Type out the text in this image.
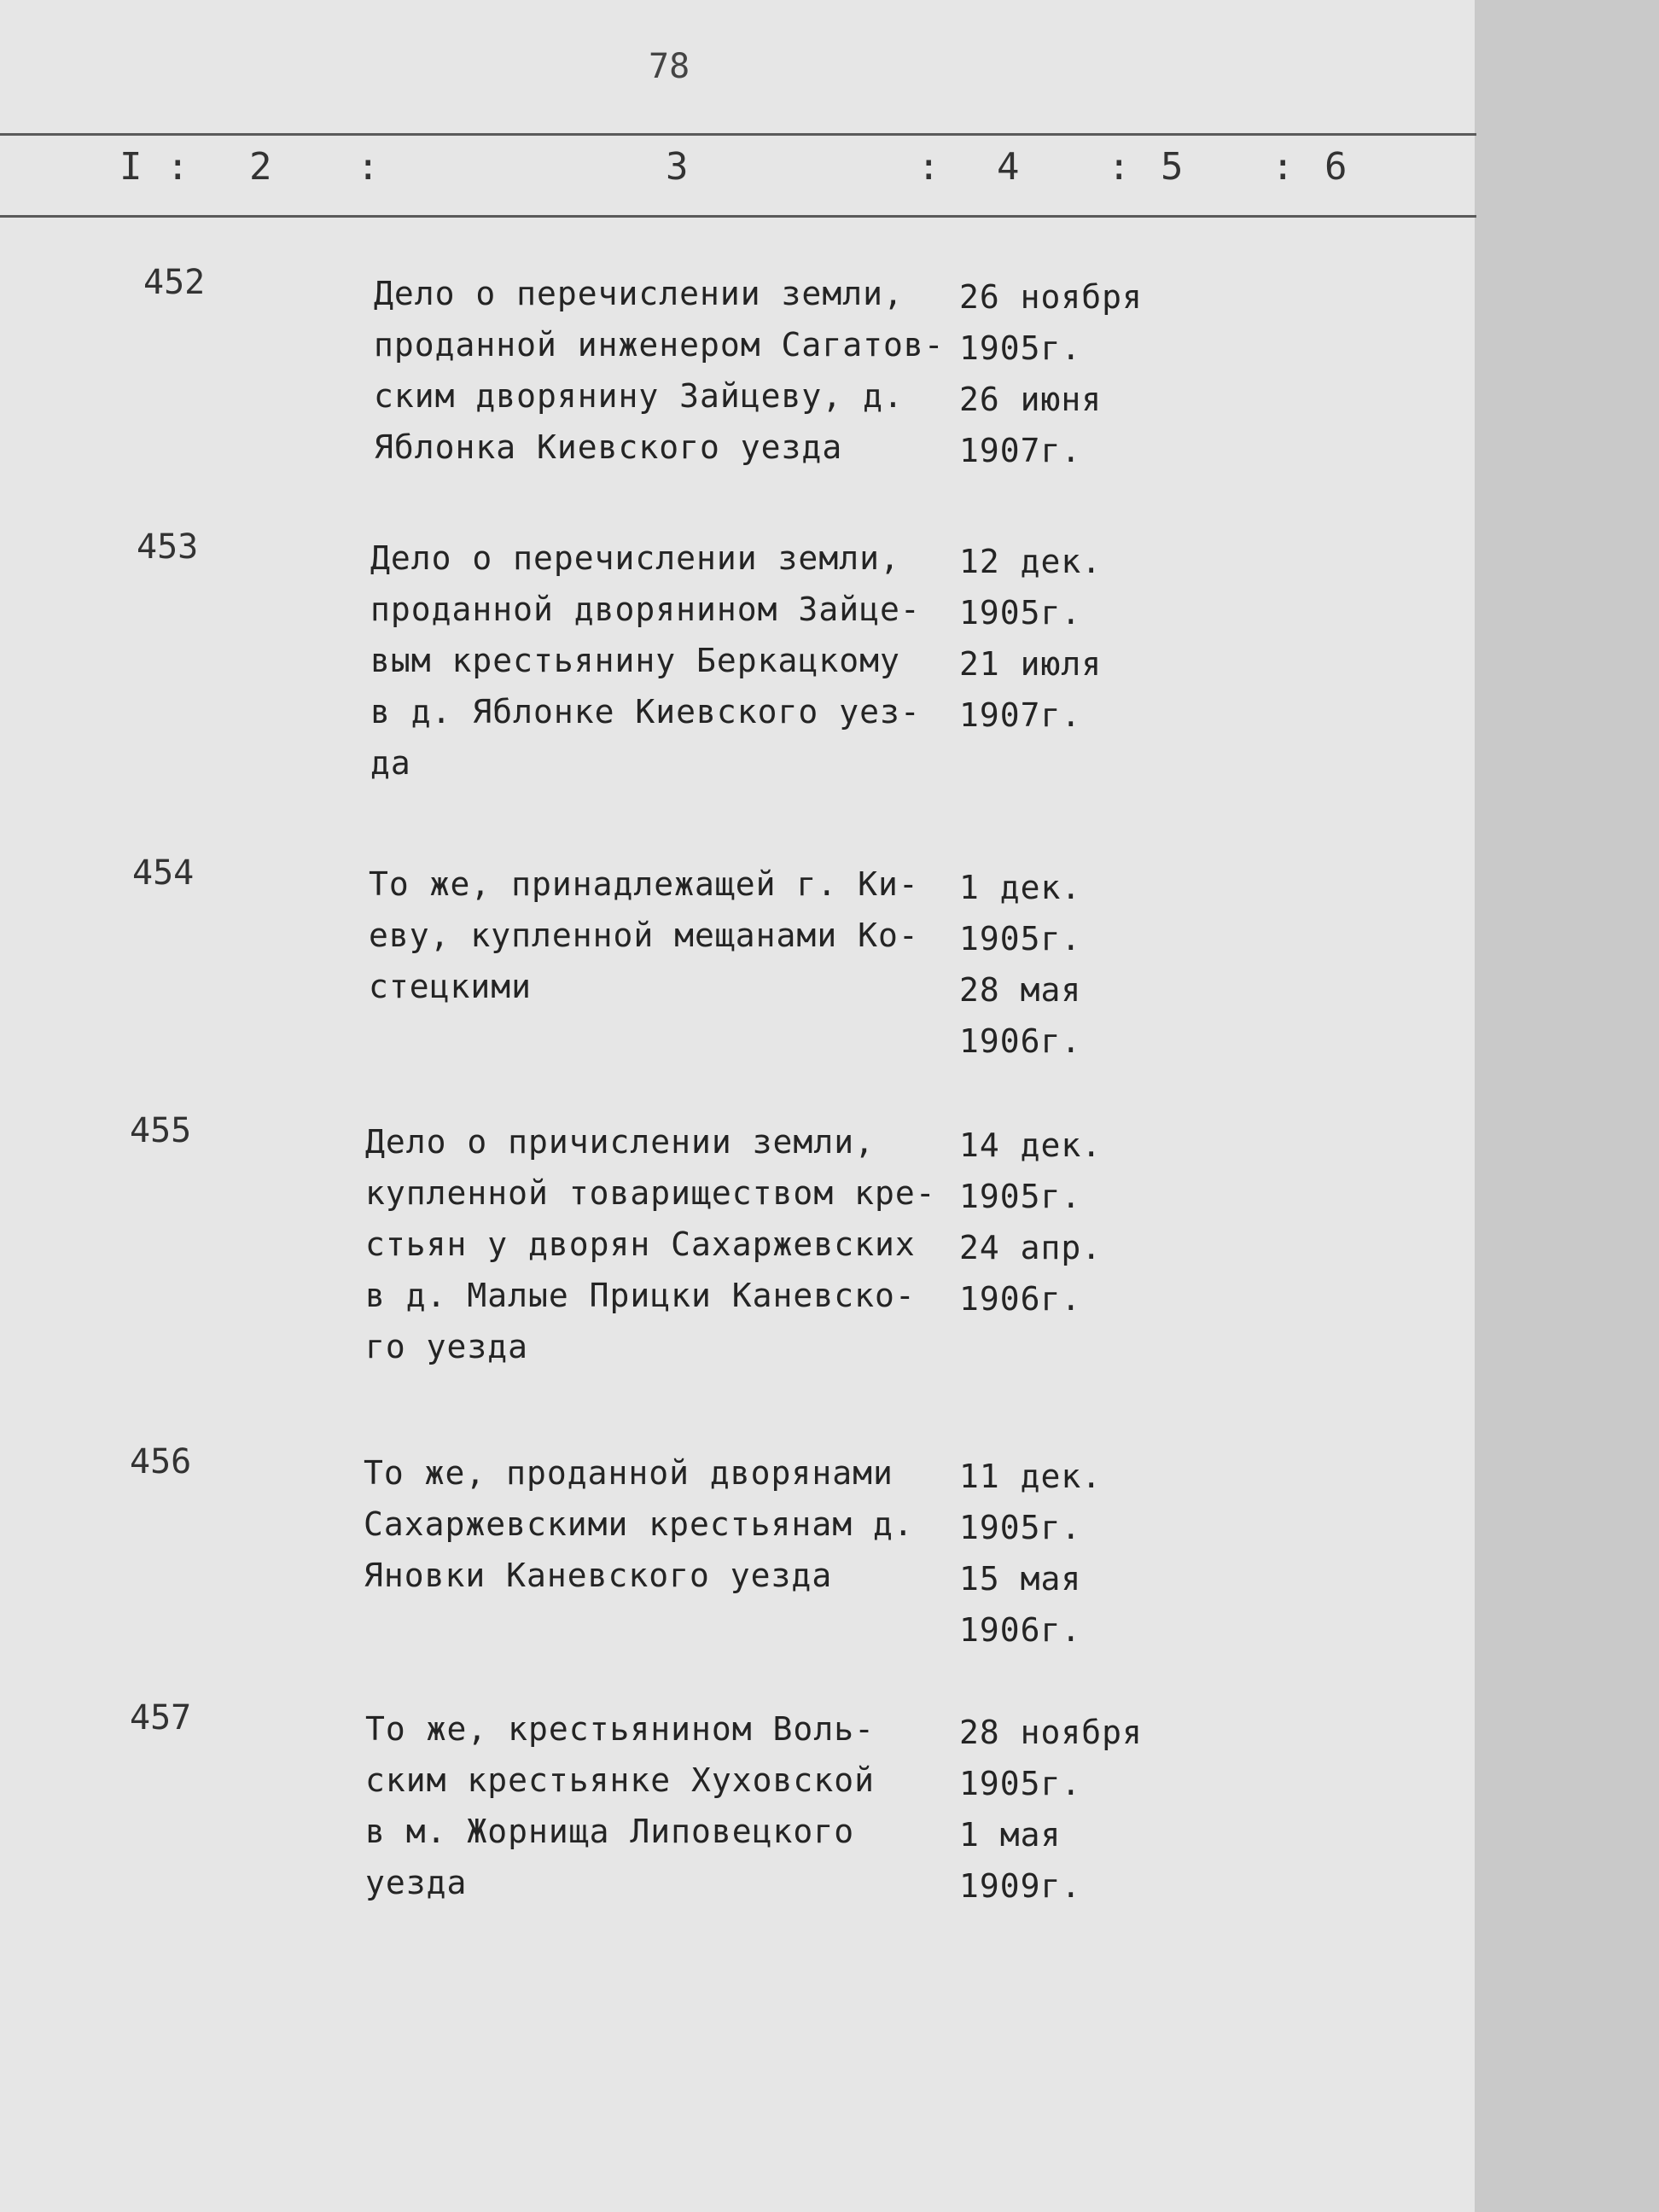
78
I : 2 :	3	: 4 : 5 : 6
452	Дело о перечислении земли,
проданной инженером Сагатов-
ским дворянину Зайцеву, д.
Яблонка Киевского уезда
26 ноября
1905г.
26 июня
1907г.
453	Дело о перечислении земли,
проданной дворянином Зайце-
вым крестьянину Беркацкому
в д. Яблонке Киевского уез-
да
12 дек.
1905г.
21 июля
1907г.
454	То же, принадлежащей г. Ки-
еву, купленной мещанами Ко-
стецкими
1 дек.
1905г.
28 мая
1906г.
455	Дело о причислении земли,
купленной товариществом кре-
стьян у дворян Сахаржевских
в д. Малые Прицки Каневско-
го уезда
14 дек.
1905г.
24 апр.
1906г.
456	То же, проданной дворянами
Сахаржевскими крестьянам д.
Яновки Каневского уезда
11 дек.
1905г.
15 мая
1906г.
457	То же, крестьянином Воль-
ским крестьянке Хуховской
в м. Жорнища Липовецкого
уезда
28 ноября
1905г.
1 мая
1909г.
